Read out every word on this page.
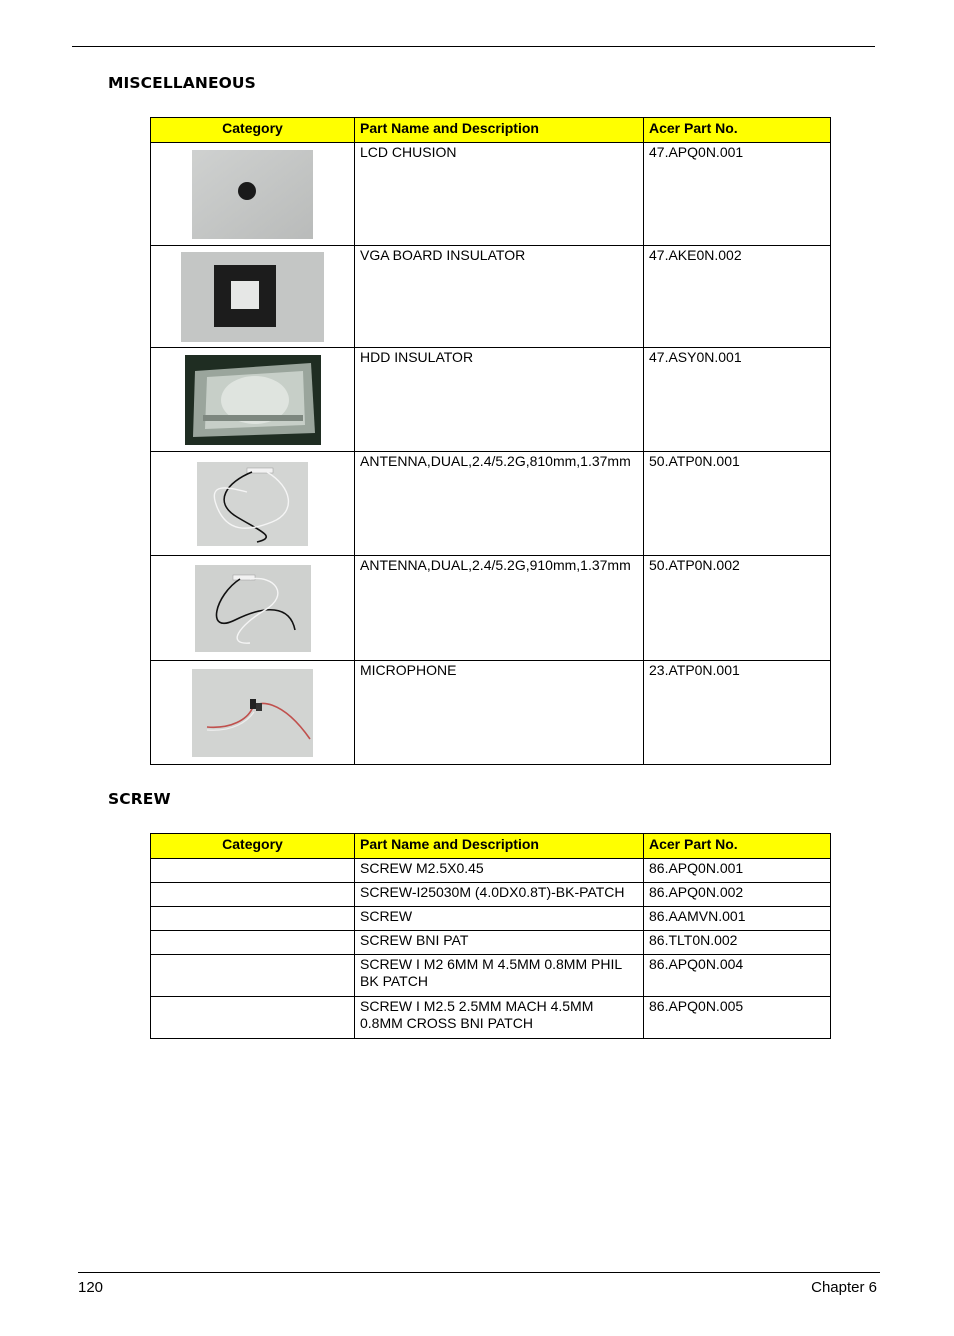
MISCELLANEOUS
Category	Part Name and Description	Acer Part No.

	LCD CHUSION	47.APQ0N.001

	VGA BOARD INSULATOR	47.AKE0N.002

	HDD INSULATOR	47.ASY0N.001

	ANTENNA,DUAL,2.4/5.2G,810mm,1.37mm	50.ATP0N.001

	ANTENNA,DUAL,2.4/5.2G,910mm,1.37mm	50.ATP0N.002

	MICROPHONE	23.ATP0N.001
SCREW
Category	Part Name and Description	Acer Part No.
	SCREW M2.5X0.45	86.APQ0N.001
	SCREW-I25030M (4.0DX0.8T)-BK-PATCH	86.APQ0N.002
	SCREW	86.AAMVN.001
	SCREW BNI PAT	86.TLT0N.002
	SCREW I M2 6MM M 4.5MM 0.8MM PHIL BK PATCH	86.APQ0N.004
	SCREW I M2.5 2.5MM MACH 4.5MM 0.8MM CROSS BNI PATCH	86.APQ0N.005
120	Chapter 6
